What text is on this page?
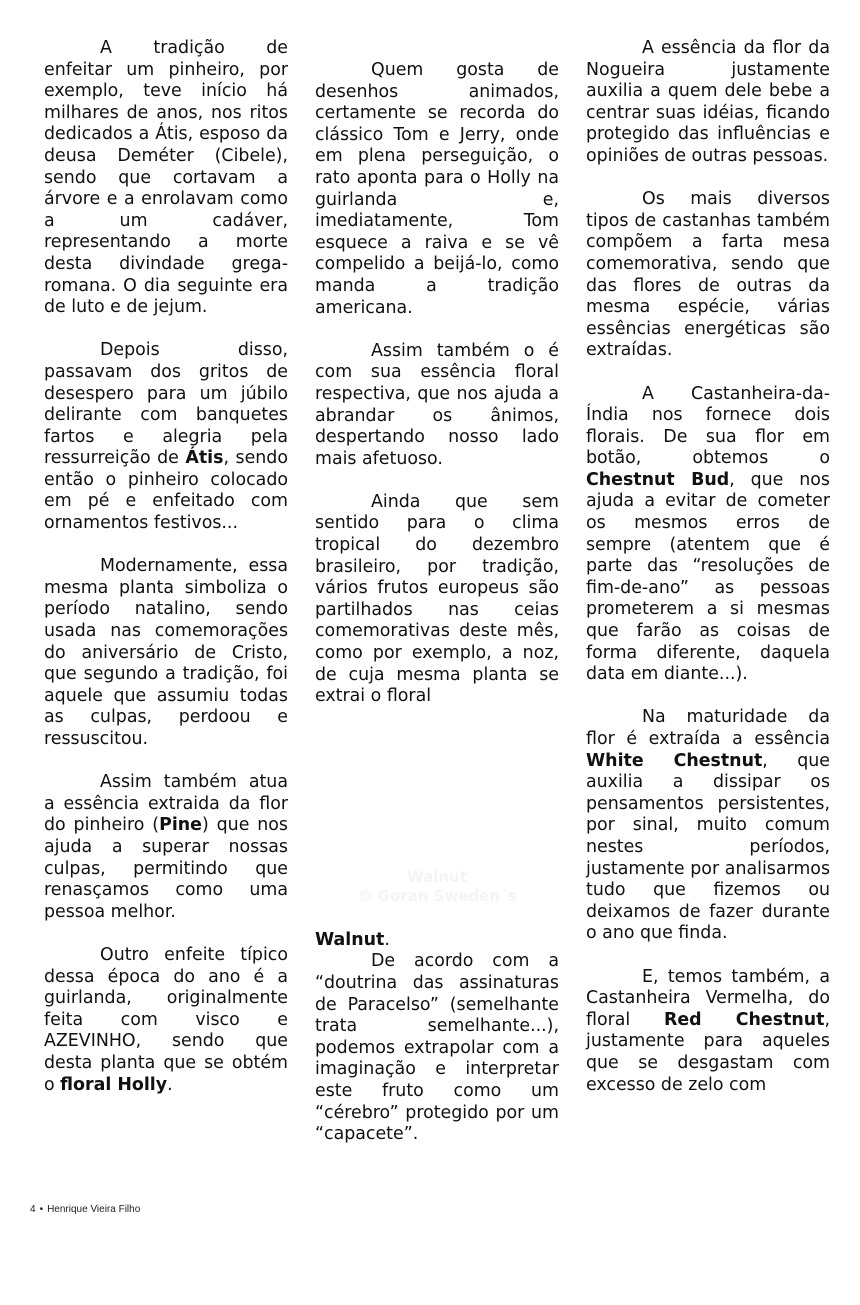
A tradição de enfeitar um pinheiro, por exemplo, teve início há milhares de anos, nos ritos dedicados a Átis, esposo da deusa Deméter (Cibele), sendo que cortavam a árvore e a enrolavam como a um cadáver, representando a morte desta divindade grega-romana. O dia seguinte era de luto e de jejum.

Depois disso, passavam dos gritos de desespero para um júbilo delirante com banquetes fartos e alegria pela ressurreição de Átis, sendo então o pinheiro colocado em pé e enfeitado com ornamentos festivos...

Modernamente, essa mesma planta simboliza o período natalino, sendo usada nas comemorações do aniversário de Cristo, que segundo a tradição, foi aquele que assumiu todas as culpas, perdoou e ressuscitou.

Assim também atua a essência extraida da flor do pinheiro (Pine) que nos ajuda a superar nossas culpas, permitindo que renasçamos como uma pessoa melhor.

Outro enfeite típico dessa época do ano é a guirlanda, originalmente feita com visco e AZEVINHO, sendo que desta planta que se obtém o floral Holly.

Quem gosta de desenhos animados, certamente se recorda do clássico Tom e Jerry, onde em plena perseguição, o rato aponta para o Holly na guirlanda e, imediatamente, Tom esquece a raiva e se vê compelido a beijá-lo, como manda a tradição americana.

Assim também o é com sua essência floral respectiva, que nos ajuda a abrandar os ânimos, despertando nosso lado mais afetuoso.

Ainda que sem sentido para o clima tropical do dezembro brasileiro, por tradição, vários frutos europeus são partilhados nas ceias comemorativas deste mês, como por exemplo, a noz, de cuja mesma planta se extrai o floral

Walnut
© Goran Sweden´s

Walnut.

De acordo com a “doutrina das assinaturas de Paracelso” (semelhante trata semelhante...), podemos extrapolar com a imaginação e interpretar este fruto como um “cérebro” protegido por um “capacete”.

A essência da flor da Nogueira justamente auxilia a quem dele bebe a centrar suas idéias, ficando protegido das influências e opiniões de outras pessoas.

Os mais diversos tipos de castanhas também compõem a farta mesa comemorativa, sendo que das flores de outras da mesma espécie, várias essências energéticas são extraídas.

A Castanheira-da-Índia nos fornece dois florais. De sua flor em botão, obtemos o Chestnut Bud, que nos ajuda a evitar de cometer os mesmos erros de sempre (atentem que é parte das “resoluções de fim-de-ano” as pessoas prometerem a si mesmas que farão as coisas de forma diferente, daquela data em diante...).

Na maturidade da flor é extraída a essência White Chestnut, que auxilia a dissipar os pensamentos persistentes, por sinal, muito comum nestes períodos, justamente por analisarmos tudo que fizemos ou deixamos de fazer durante o ano que finda.

E, temos também, a Castanheira Vermelha, do floral Red Chestnut, justamente para aqueles que se desgastam com excesso de zelo com

4 • Henrique Vieira Filho
